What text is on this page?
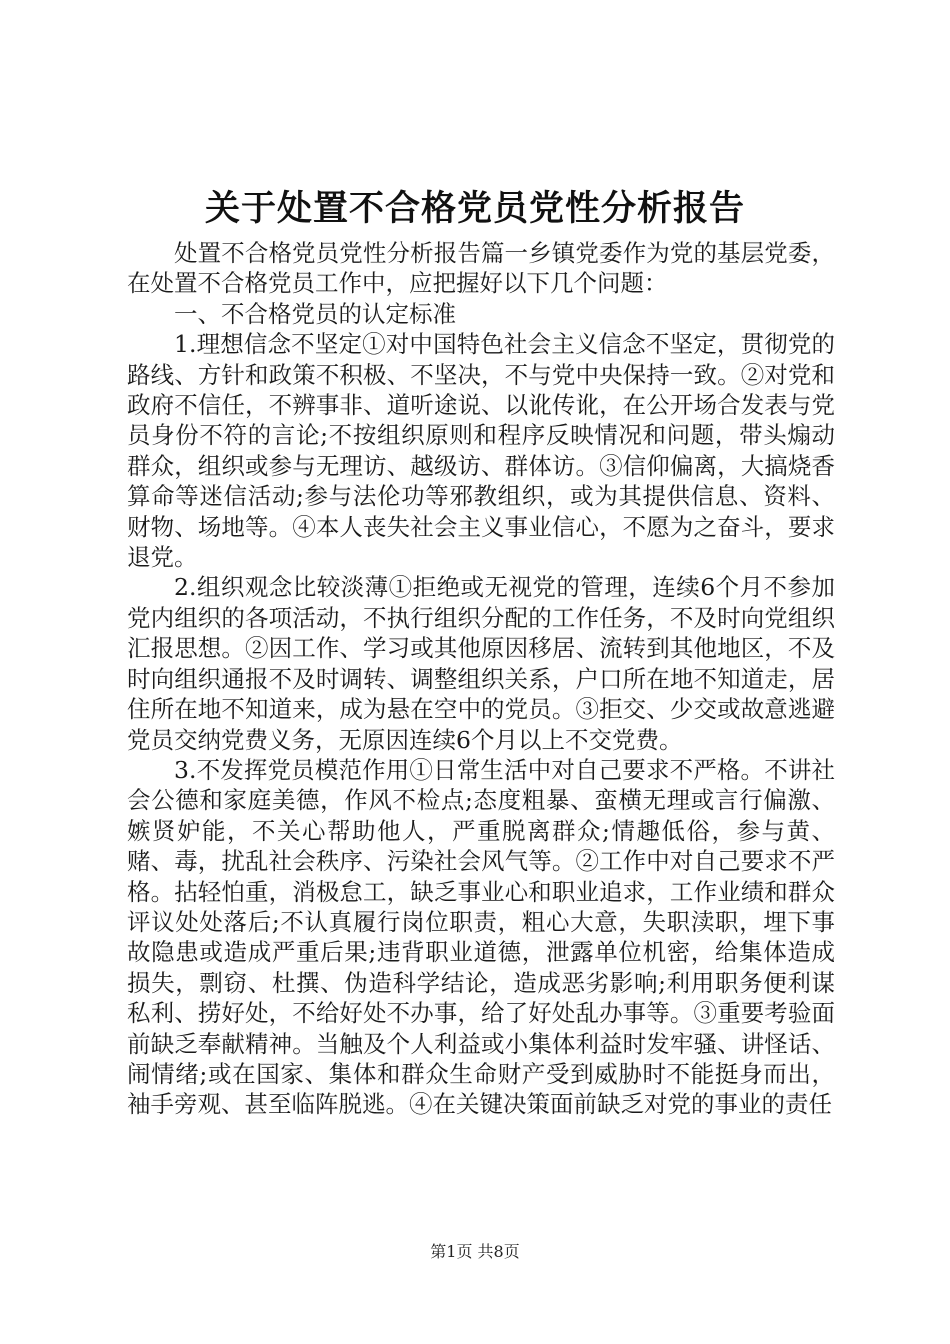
关于处置不合格党员党性分析报告

处置不合格党员党性分析报告篇一乡镇党委作为党的基层党委，在处置不合格党员工作中，应把握好以下几个问题：

一、不合格党员的认定标准

1.理想信念不坚定①对中国特色社会主义信念不坚定，贯彻党的路线、方针和政策不积极、不坚决，不与党中央保持一致。②对党和政府不信任，不辨事非、道听途说、以讹传讹，在公开场合发表与党员身份不符的言论;不按组织原则和程序反映情况和问题，带头煽动群众，组织或参与无理访、越级访、群体访。③信仰偏离，大搞烧香算命等迷信活动;参与法伦功等邪教组织，或为其提供信息、资料、财物、场地等。④本人丧失社会主义事业信心，不愿为之奋斗，要求退党。

2.组织观念比较淡薄①拒绝或无视党的管理，连续6个月不参加党内组织的各项活动，不执行组织分配的工作任务，不及时向党组织汇报思想。②因工作、学习或其他原因移居、流转到其他地区，不及时向组织通报不及时调转、调整组织关系，户口所在地不知道走，居住所在地不知道来，成为悬在空中的党员。③拒交、少交或故意逃避党员交纳党费义务，无原因连续6个月以上不交党费。

3.不发挥党员模范作用①日常生活中对自己要求不严格。不讲社会公德和家庭美德，作风不检点;态度粗暴、蛮横无理或言行偏激、嫉贤妒能，不关心帮助他人，严重脱离群众;情趣低俗，参与黄、赌、毒，扰乱社会秩序、污染社会风气等。②工作中对自己要求不严格。拈轻怕重，消极怠工，缺乏事业心和职业追求，工作业绩和群众评议处处落后;不认真履行岗位职责，粗心大意，失职渎职，埋下事故隐患或造成严重后果;违背职业道德，泄露单位机密，给集体造成损失，剽窃、杜撰、伪造科学结论，造成恶劣影响;利用职务便利谋私利、捞好处，不给好处不办事，给了好处乱办事等。③重要考验面前缺乏奉献精神。当触及个人利益或小集体利益时发牢骚、讲怪话、闹情绪;或在国家、集体和群众生命财产受到威胁时不能挺身而出，袖手旁观、甚至临阵脱逃。④在关键决策面前缺乏对党的事业的责任

第1页 共8页
